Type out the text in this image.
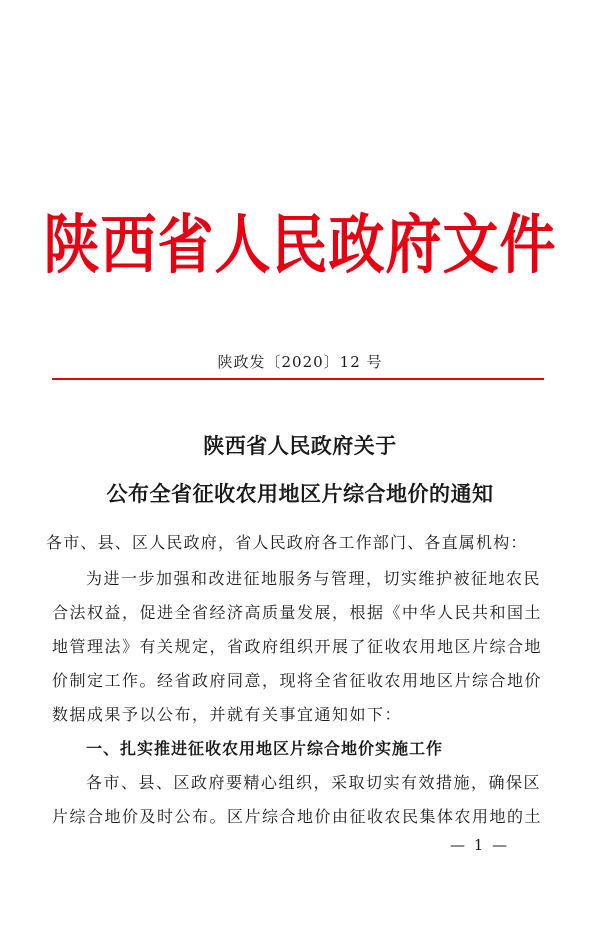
陕西省人民政府文件
陕政发〔2020〕12 号
陕西省人民政府关于
公布全省征收农用地区片综合地价的通知
各市、县、区人民政府，省人民政府各工作部门、各直属机构：
为进一步加强和改进征地服务与管理，切实维护被征地农民
合法权益，促进全省经济高质量发展，根据《中华人民共和国土
地管理法》有关规定，省政府组织开展了征收农用地区片综合地
价制定工作。经省政府同意，现将全省征收农用地区片综合地价
数据成果予以公布，并就有关事宜通知如下：
一、扎实推进征收农用地区片综合地价实施工作
各市、县、区政府要精心组织，采取切实有效措施，确保区
片综合地价及时公布。区片综合地价由征收农民集体农用地的土
— 1 —
